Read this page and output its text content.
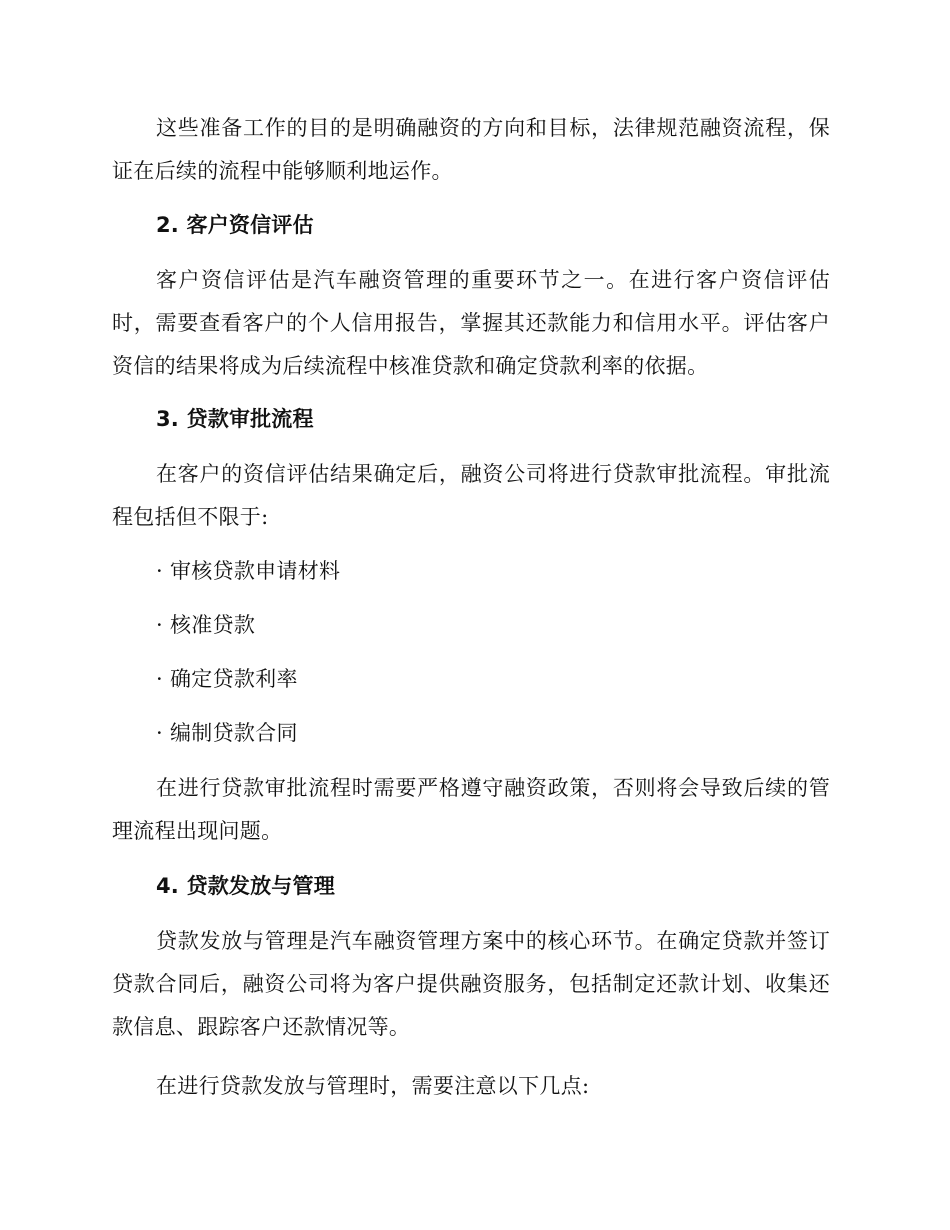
这些准备工作的目的是明确融资的方向和目标，法律规范融资流程，保证在后续的流程中能够顺利地运作。

2. 客户资信评估

客户资信评估是汽车融资管理的重要环节之一。在进行客户资信评估时，需要查看客户的个人信用报告，掌握其还款能力和信用水平。评估客户资信的结果将成为后续流程中核准贷款和确定贷款利率的依据。

3. 贷款审批流程

在客户的资信评估结果确定后，融资公司将进行贷款审批流程。审批流程包括但不限于:

· 审核贷款申请材料

· 核准贷款

· 确定贷款利率

· 编制贷款合同

在进行贷款审批流程时需要严格遵守融资政策，否则将会导致后续的管理流程出现问题。

4. 贷款发放与管理

贷款发放与管理是汽车融资管理方案中的核心环节。在确定贷款并签订贷款合同后，融资公司将为客户提供融资服务，包括制定还款计划、收集还款信息、跟踪客户还款情况等。

在进行贷款发放与管理时，需要注意以下几点:
